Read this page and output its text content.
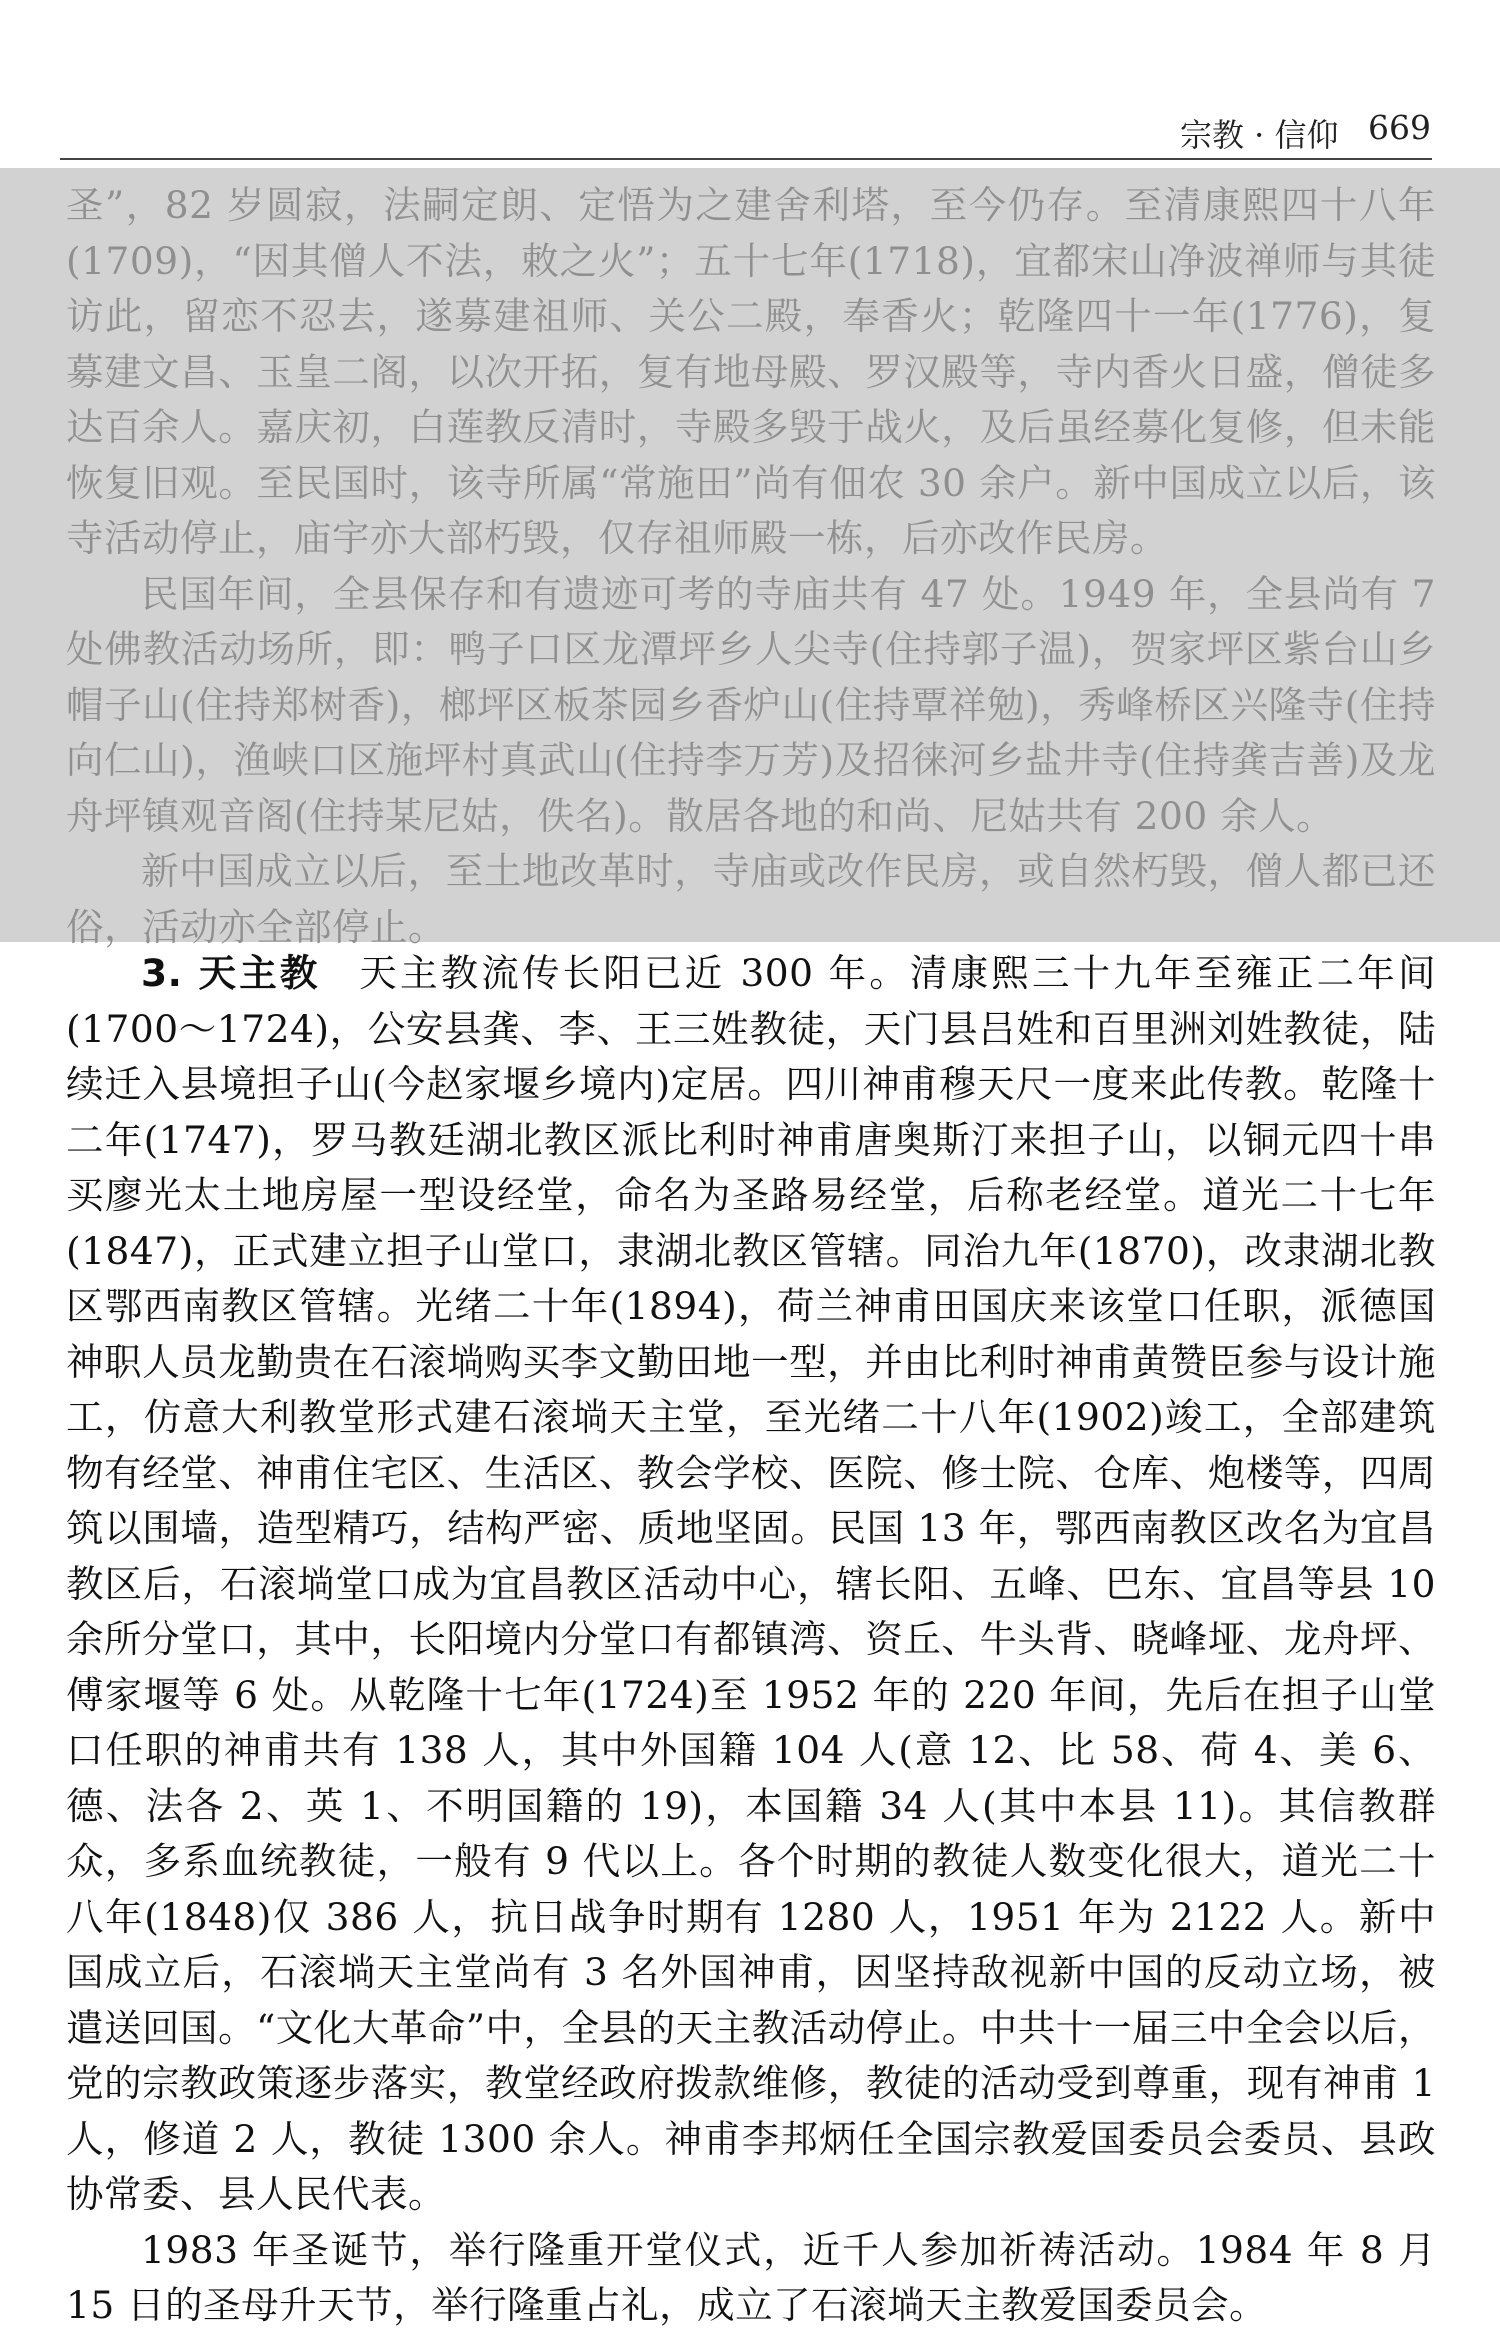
宗教 · 信仰 669

圣”，82 岁圆寂，法嗣定朗、定悟为之建舍利塔，至今仍存。至清康熙四十八年(1709)，“因其僧人不法，敕之火”；五十七年(1718)，宜都宋山净波禅师与其徒访此，留恋不忍去，遂募建祖师、关公二殿，奉香火；乾隆四十一年(1776)，复募建文昌、玉皇二阁，以次开拓，复有地母殿、罗汉殿等，寺内香火日盛，僧徒多达百余人。嘉庆初，白莲教反清时，寺殿多毁于战火，及后虽经募化复修，但未能恢复旧观。至民国时，该寺所属“常施田”尚有佃农 30 余户。新中国成立以后，该寺活动停止，庙宇亦大部朽毁，仅存祖师殿一栋，后亦改作民房。

民国年间，全县保存和有遗迹可考的寺庙共有 47 处。1949 年，全县尚有 7 处佛教活动场所，即：鸭子口区龙潭坪乡人尖寺(住持郭子温)，贺家坪区紫台山乡帽子山(住持郑树香)，榔坪区板茶园乡香炉山(住持覃祥勉)，秀峰桥区兴隆寺(住持向仁山)，渔峡口区施坪村真武山(住持李万芳)及招徕河乡盐井寺(住持龚吉善)及龙舟坪镇观音阁(住持某尼姑，佚名)。散居各地的和尚、尼姑共有 200 余人。

新中国成立以后，至土地改革时，寺庙或改作民房，或自然朽毁，僧人都已还俗，活动亦全部停止。

3. 天主教 天主教流传长阳已近 300 年。清康熙三十九年至雍正二年间(1700～1724)，公安县龚、李、王三姓教徒，天门县吕姓和百里洲刘姓教徒，陆续迁入县境担子山(今赵家堰乡境内)定居。四川神甫穆天尺一度来此传教。乾隆十二年(1747)，罗马教廷湖北教区派比利时神甫唐奥斯汀来担子山，以铜元四十串买廖光太土地房屋一型设经堂，命名为圣路易经堂，后称老经堂。道光二十七年(1847)，正式建立担子山堂口，隶湖北教区管辖。同治九年(1870)，改隶湖北教区鄂西南教区管辖。光绪二十年(1894)，荷兰神甫田国庆来该堂口任职，派德国神职人员龙勤贵在石滚埫购买李文勤田地一型，并由比利时神甫黄赞臣参与设计施工，仿意大利教堂形式建石滚埫天主堂，至光绪二十八年(1902)竣工，全部建筑物有经堂、神甫住宅区、生活区、教会学校、医院、修士院、仓库、炮楼等，四周筑以围墙，造型精巧，结构严密、质地坚固。民国 13 年，鄂西南教区改名为宜昌教区后，石滚埫堂口成为宜昌教区活动中心，辖长阳、五峰、巴东、宜昌等县 10 余所分堂口，其中，长阳境内分堂口有都镇湾、资丘、牛头背、晓峰垭、龙舟坪、傅家堰等 6 处。从乾隆十七年(1724)至 1952 年的 220 年间，先后在担子山堂口任职的神甫共有 138 人，其中外国籍 104 人(意 12、比 58、荷 4、美 6、德、法各 2、英 1、不明国籍的 19)，本国籍 34 人(其中本县 11)。其信教群众，多系血统教徒，一般有 9 代以上。各个时期的教徒人数变化很大，道光二十八年(1848)仅 386 人，抗日战争时期有 1280 人，1951 年为 2122 人。新中国成立后，石滚埫天主堂尚有 3 名外国神甫，因坚持敌视新中国的反动立场，被遣送回国。“文化大革命”中，全县的天主教活动停止。中共十一届三中全会以后，党的宗教政策逐步落实，教堂经政府拨款维修，教徒的活动受到尊重，现有神甫 1 人，修道 2 人，教徒 1300 余人。神甫李邦炳任全国宗教爱国委员会委员、县政协常委、县人民代表。

1983 年圣诞节，举行隆重开堂仪式，近千人参加祈祷活动。1984 年 8 月 15 日的圣母升天节，举行隆重占礼，成立了石滚埫天主教爱国委员会。
